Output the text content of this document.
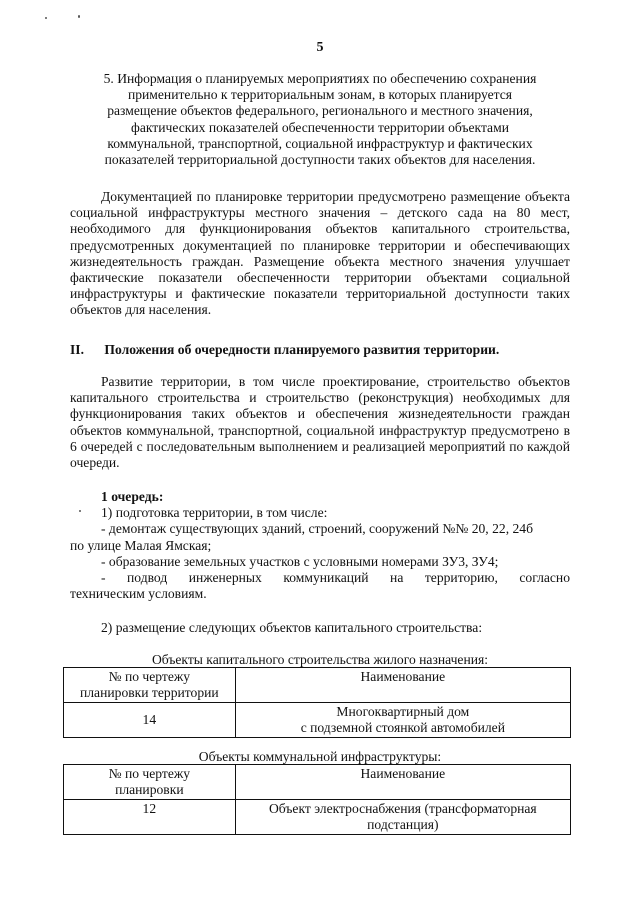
5
5. Информация о планируемых мероприятиях по обеспечению сохранения
применительно к территориальным зонам, в которых планируется
размещение объектов федерального, регионального и местного значения,
фактических показателей обеспеченности территории объектами
коммунальной, транспортной, социальной инфраструктур и фактических
показателей территориальной доступности таких объектов для населения.
Документацией по планировке территории предусмотрено размещение объекта социальной инфраструктуры местного значения – детского сада на 80 мест, необходимого для функционирования объектов капитального строительства, предусмотренных документацией по планировке территории и обеспечивающих жизнедеятельность граждан. Размещение объекта местного значения улучшает фактические показатели обеспеченности территории объектами социальной инфраструктуры и фактические показатели территориальной доступности таких объектов для населения.
II. Положения об очередности планируемого развития территории.
Развитие территории, в том числе проектирование, строительство объектов капитального строительства и строительство (реконструкция) необходимых для функционирования таких объектов и обеспечения жизнедеятельности граждан объектов коммунальной, транспортной, социальной инфраструктур предусмотрено в 6 очередей с последовательным выполнением и реализацией мероприятий по каждой очереди.
1 очередь:
1) подготовка территории, в том числе:
- демонтаж существующих зданий, строений, сооружений №№ 20, 22, 24б
по улице Малая Ямская;
- образование земельных участков с условными номерами ЗУ3, ЗУ4;
- подвод инженерных коммуникаций на территорию, согласно
техническим условиям.
2) размещение следующих объектов капитального строительства:
Объекты капитального строительства жилого назначения:
№ по чертежу
планировки территории	Наименование

14	Многоквартирный дом
с подземной стоянкой автомобилей
Объекты коммунальной инфраструктуры:
№ по чертежу
планировки	Наименование

12	Объект электроснабжения (трансформаторная
подстанция)
